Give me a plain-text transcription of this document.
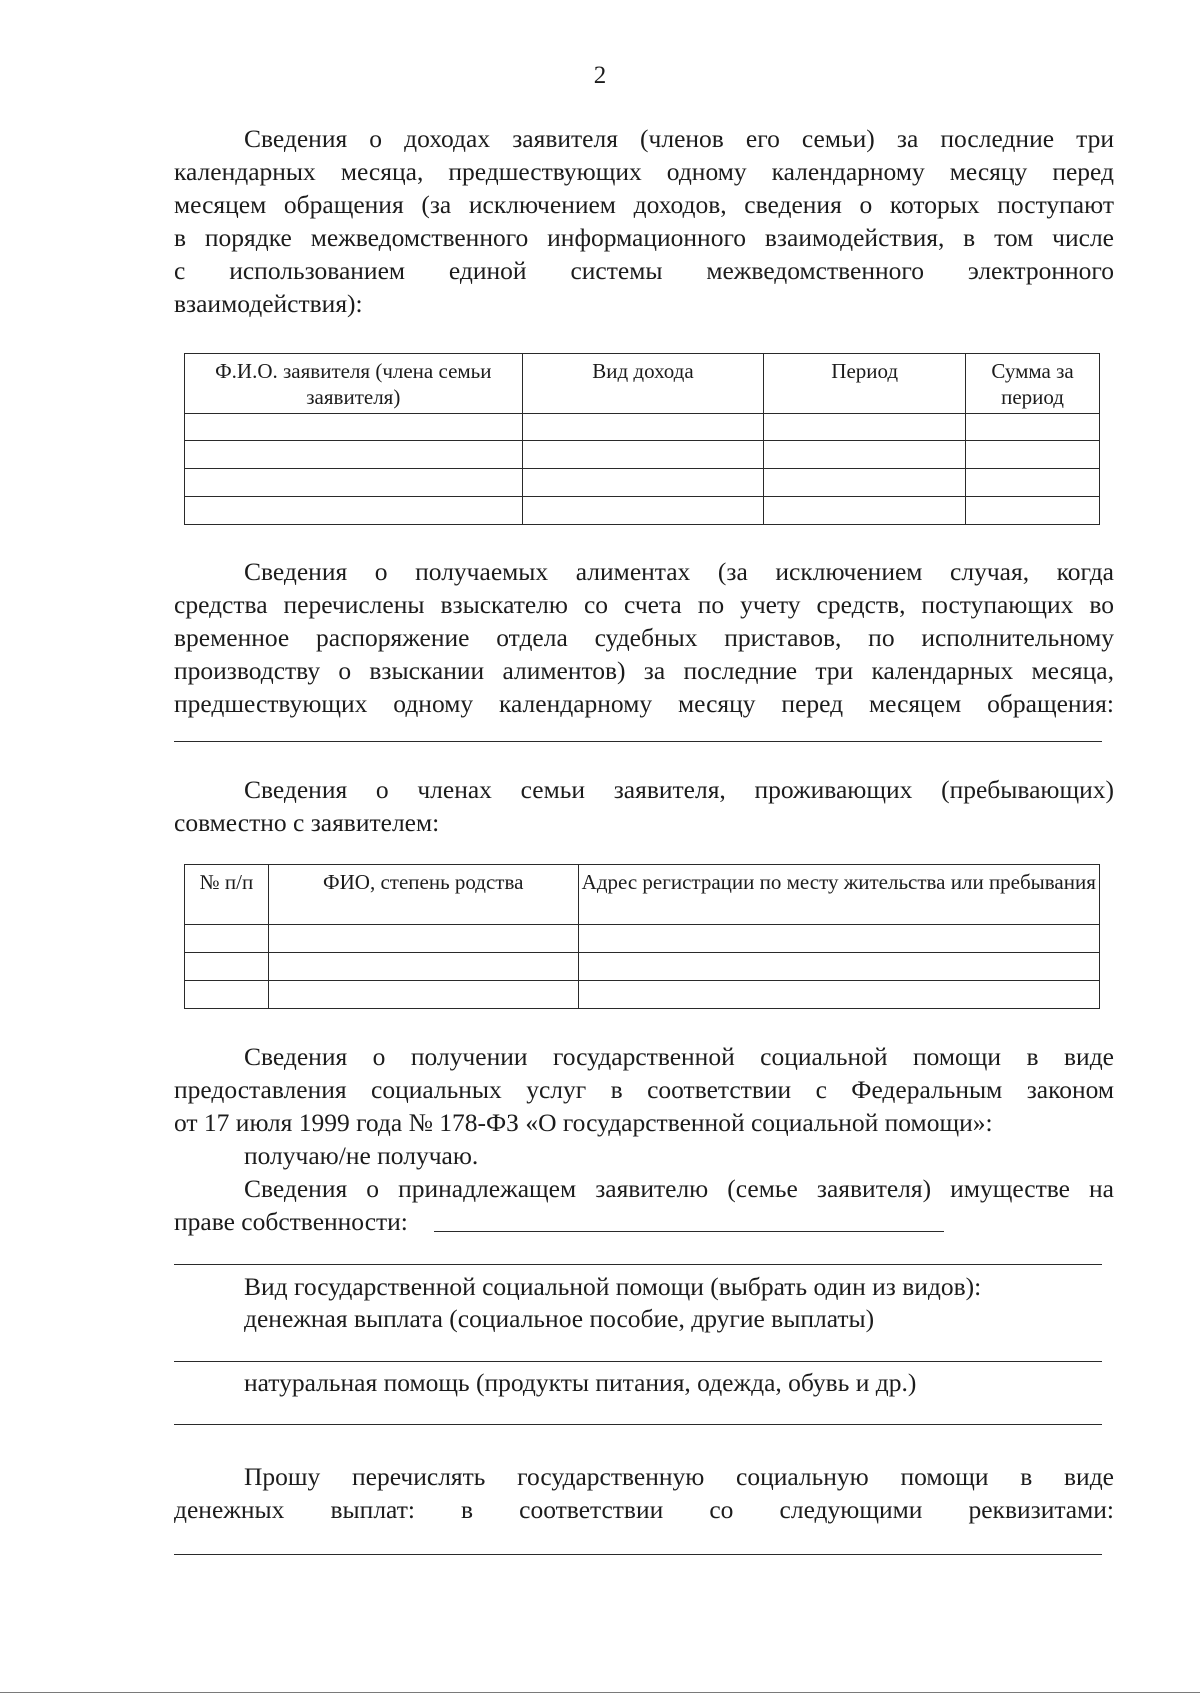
2
Сведения о доходах заявителя (членов его семьи) за последние три
календарных месяца, предшествующих одному календарному месяцу перед
месяцем обращения (за исключением доходов, сведения о которых поступают
в порядке межведомственного информационного взаимодействия, в том числе
с использованием единой системы межведомственного электронного
взаимодействия):
Ф.И.О. заявителя (члена семьи заявителя)	Вид дохода	Период	Сумма за период

Сведения о получаемых алиментах (за исключением случая, когда
средства перечислены взыскателю со счета по учету средств, поступающих во
временное распоряжение отдела судебных приставов, по исполнительному
производству о взыскании алиментов) за последние три календарных месяца,
предшествующих одному календарному месяцу перед месяцем обращения:
Сведения о членах семьи заявителя, проживающих (пребывающих)
совместно с заявителем:
№ п/п	ФИО, степень родства	Адрес регистрации по месту жительства или пребывания

Сведения о получении государственной социальной помощи в виде
предоставления социальных услуг в соответствии с Федеральным законом
от 17 июля 1999 года № 178-ФЗ «О государственной социальной помощи»:
получаю/не получаю.
Сведения о принадлежащем заявителю (семье заявителя) имуществе на
праве собственности:
Вид государственной социальной помощи (выбрать один из видов):
денежная выплата (социальное пособие, другие выплаты)
натуральная помощь (продукты питания, одежда, обувь и др.)
Прошу перечислять государственную социальную помощи в виде
денежных выплат: в соответствии со следующими реквизитами:
